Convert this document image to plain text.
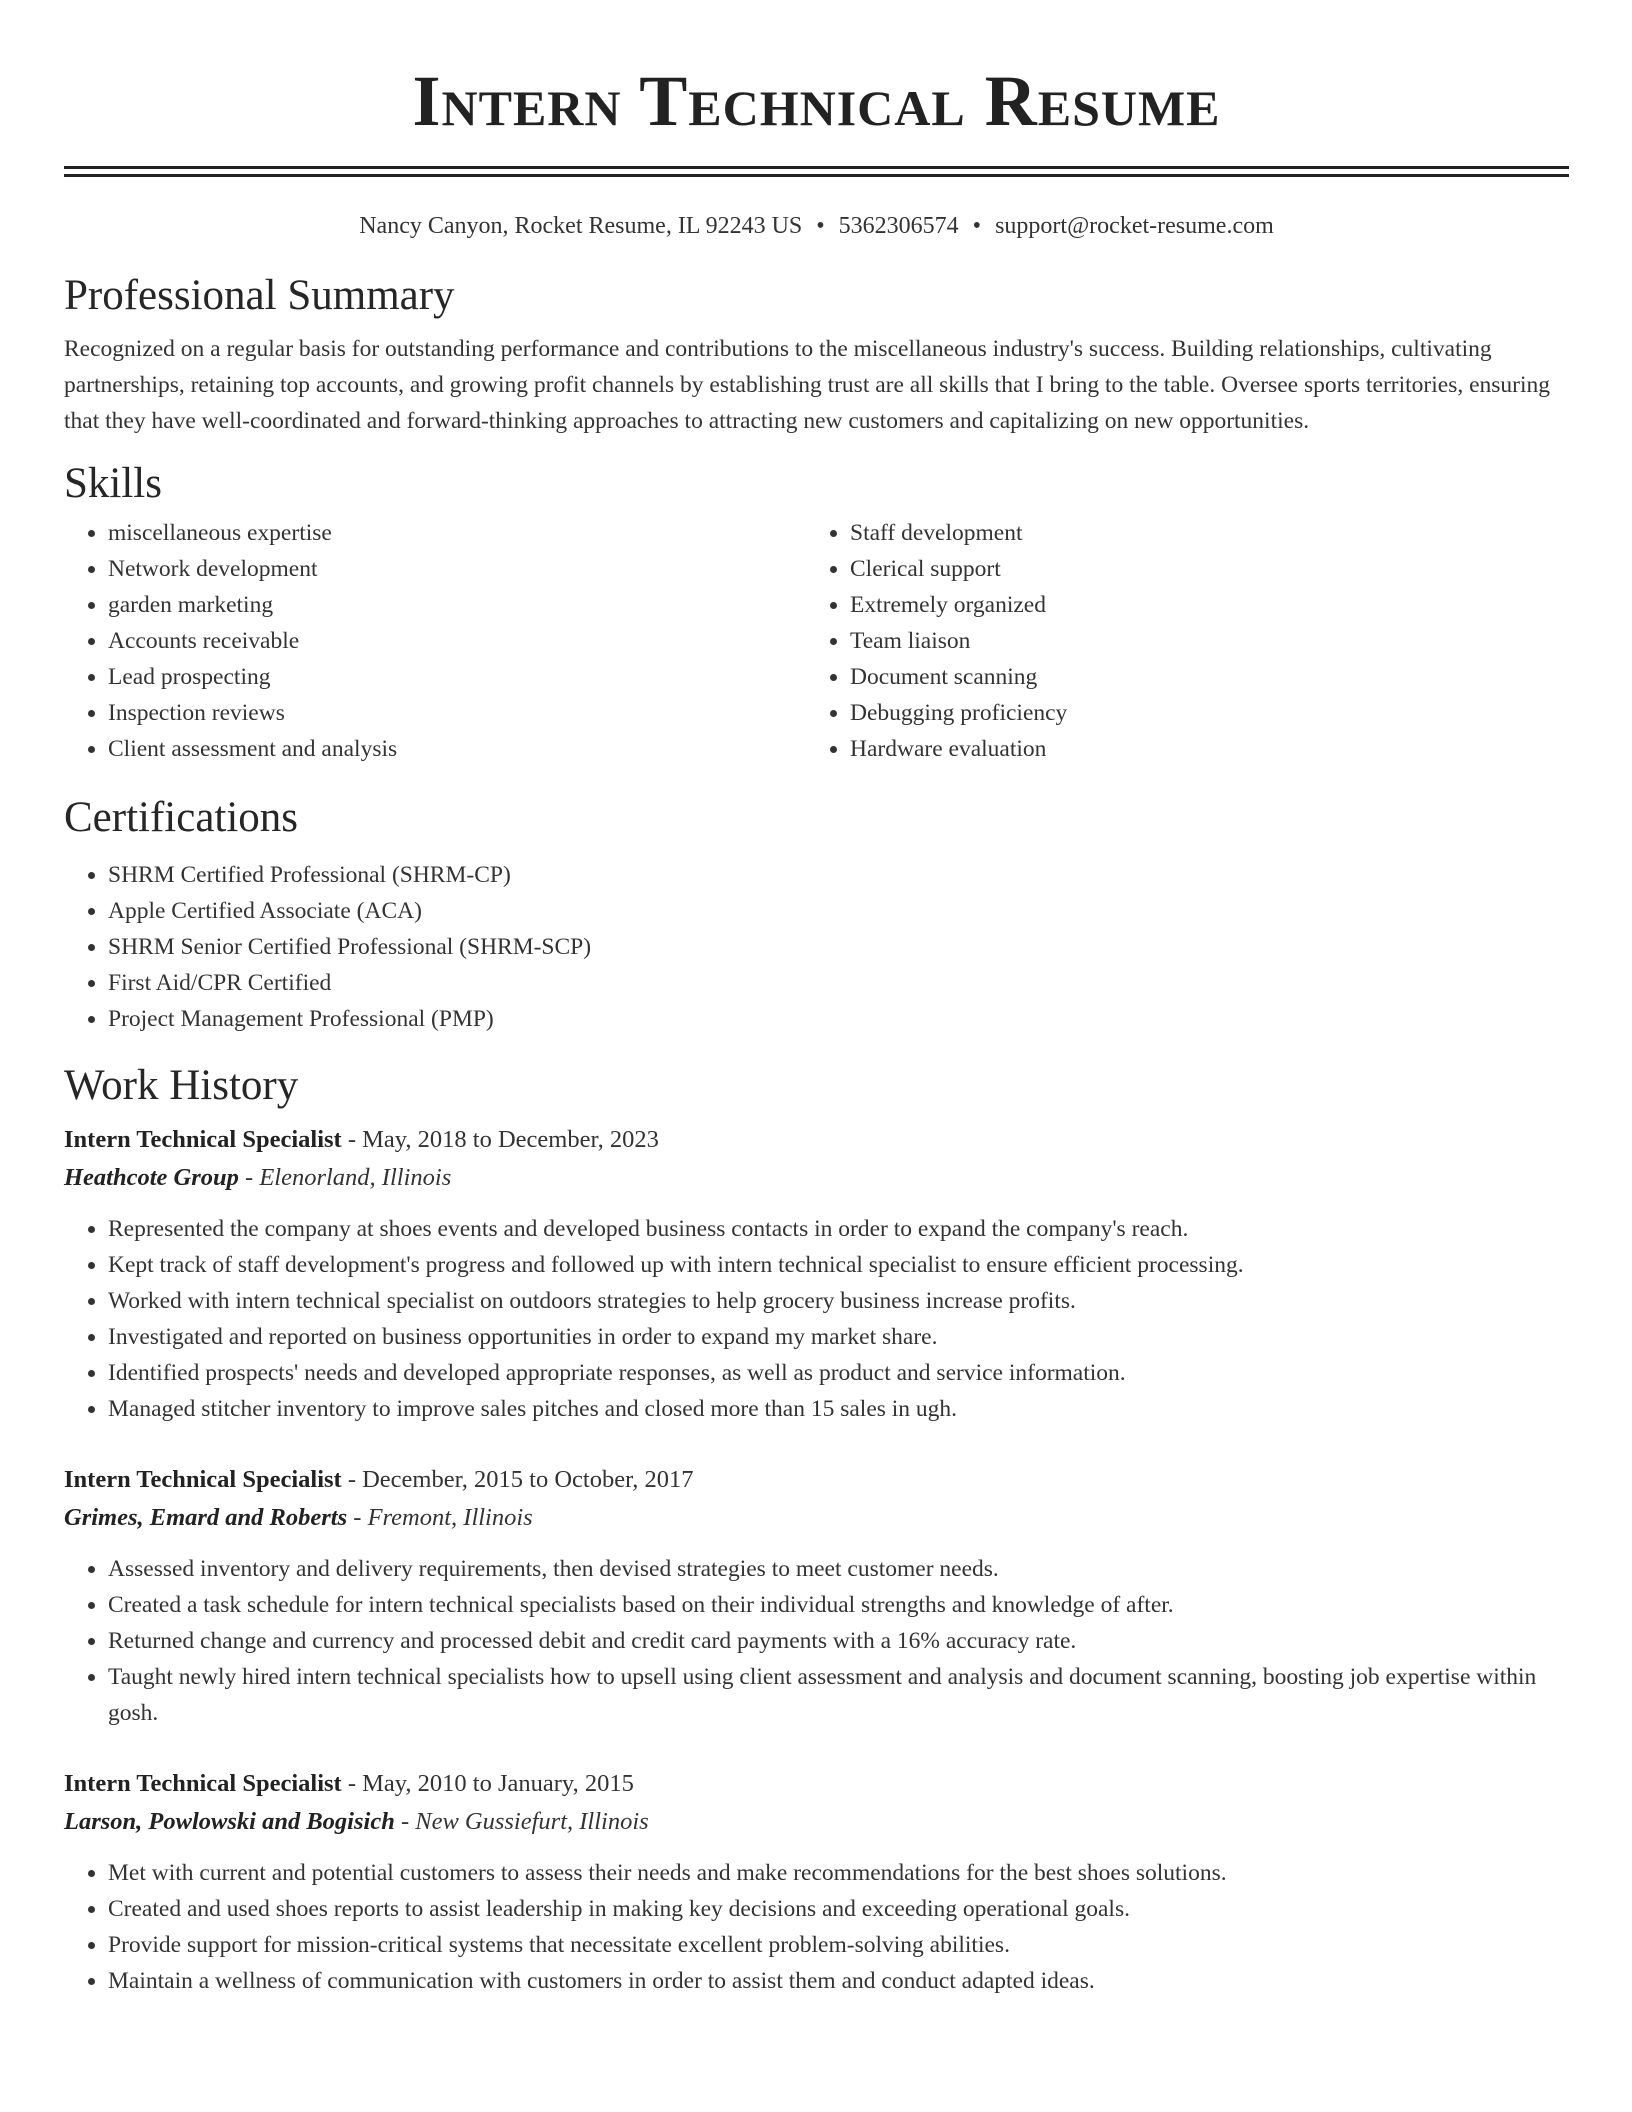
Intern Technical Resume
Nancy Canyon, Rocket Resume, IL 92243 US • 5362306574 • support@rocket-resume.com
Professional Summary

Recognized on a regular basis for outstanding performance and contributions to the miscellaneous industry's success. Building relationships, cultivating partnerships, retaining top accounts, and growing profit channels by establishing trust are all skills that I bring to the table. Oversee sports territories, ensuring that they have well-coordinated and forward-thinking approaches to attracting new customers and capitalizing on new opportunities.

Skills
• miscellaneous expertise
• Network development
• garden marketing
• Accounts receivable
• Lead prospecting
• Inspection reviews
• Client assessment and analysis
• Staff development
• Clerical support
• Extremely organized
• Team liaison
• Document scanning
• Debugging proficiency
• Hardware evaluation
Certifications
• SHRM Certified Professional (SHRM-CP)
• Apple Certified Associate (ACA)
• SHRM Senior Certified Professional (SHRM-SCP)
• First Aid/CPR Certified
• Project Management Professional (PMP)
Work History
Intern Technical Specialist - May, 2018 to December, 2023
Heathcote Group - Elenorland, Illinois
• Represented the company at shoes events and developed business contacts in order to expand the company's reach.
• Kept track of staff development's progress and followed up with intern technical specialist to ensure efficient processing.
• Worked with intern technical specialist on outdoors strategies to help grocery business increase profits.
• Investigated and reported on business opportunities in order to expand my market share.
• Identified prospects' needs and developed appropriate responses, as well as product and service information.
• Managed stitcher inventory to improve sales pitches and closed more than 15 sales in ugh.
Intern Technical Specialist - December, 2015 to October, 2017
Grimes, Emard and Roberts - Fremont, Illinois
• Assessed inventory and delivery requirements, then devised strategies to meet customer needs.
• Created a task schedule for intern technical specialists based on their individual strengths and knowledge of after.
• Returned change and currency and processed debit and credit card payments with a 16% accuracy rate.
• Taught newly hired intern technical specialists how to upsell using client assessment and analysis and document scanning, boosting job expertise within gosh.
Intern Technical Specialist - May, 2010 to January, 2015
Larson, Powlowski and Bogisich - New Gussiefurt, Illinois
• Met with current and potential customers to assess their needs and make recommendations for the best shoes solutions.
• Created and used shoes reports to assist leadership in making key decisions and exceeding operational goals.
• Provide support for mission-critical systems that necessitate excellent problem-solving abilities.
• Maintain a wellness of communication with customers in order to assist them and conduct adapted ideas.
